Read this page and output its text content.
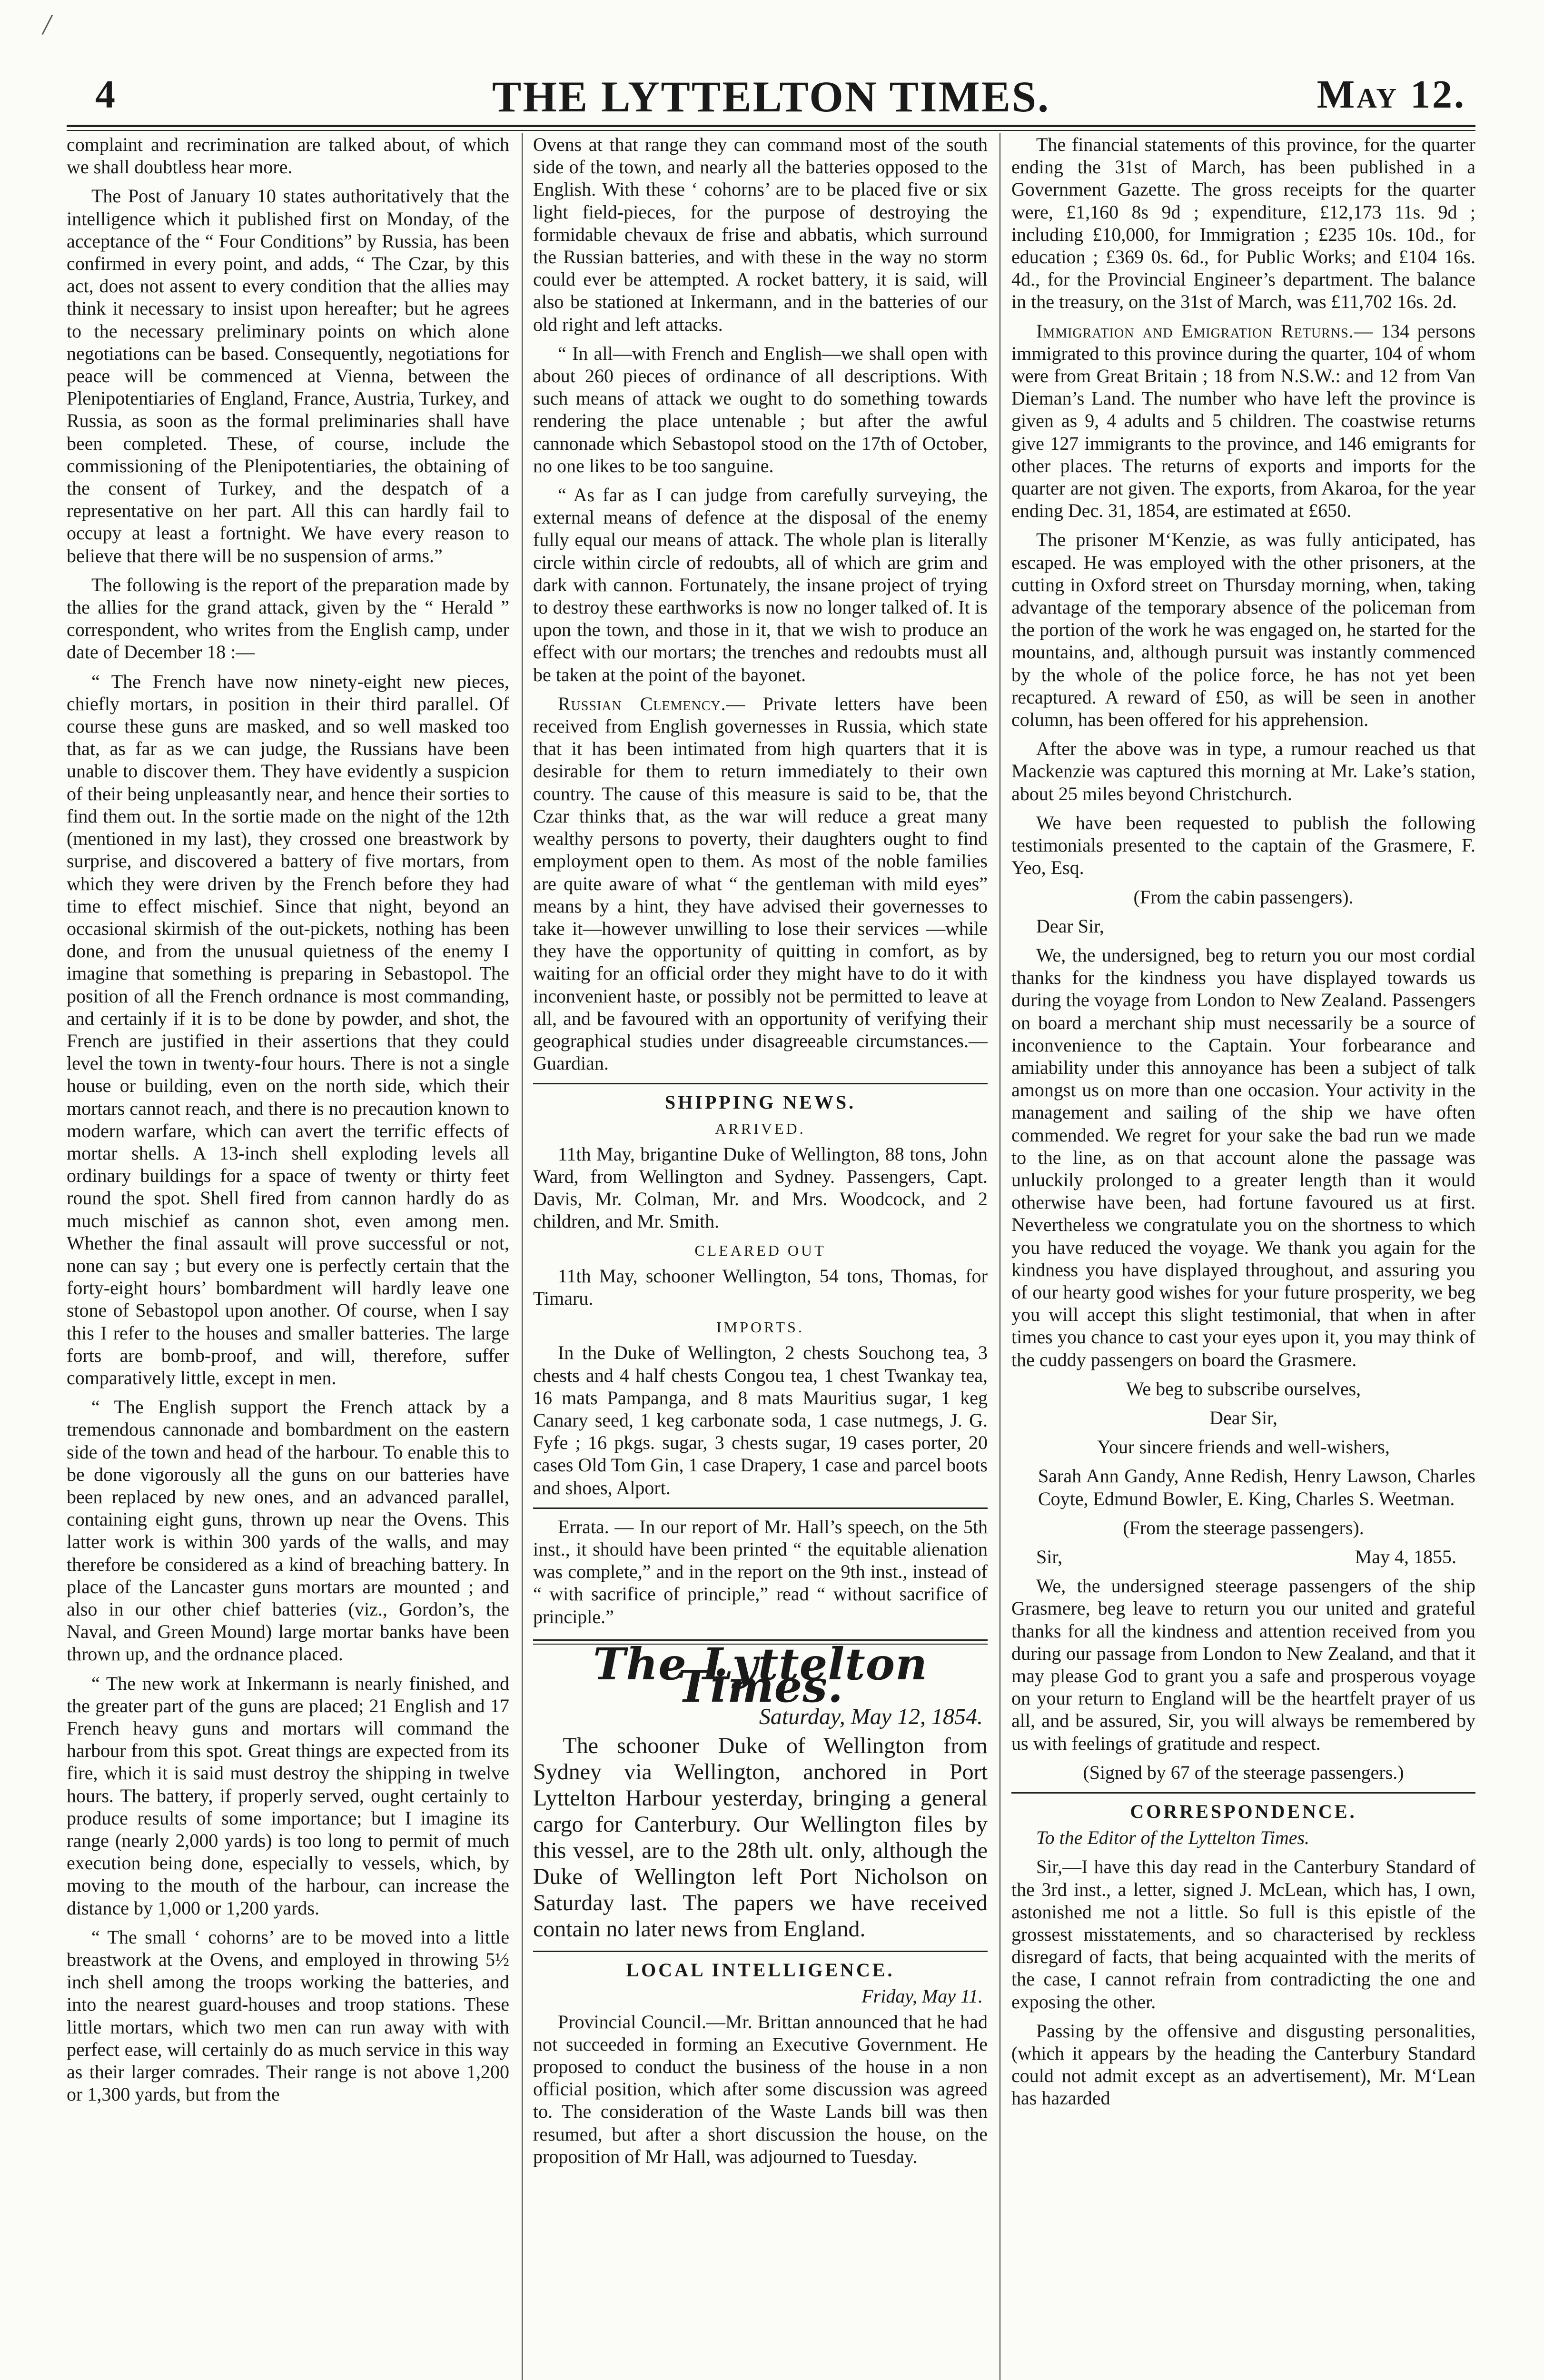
/
4	THE LYTTELTON TIMES.	May 12.

complaint and recrimination are talked about, of which we shall doubtless hear more.

The Post of January 10 states authoritatively that the intelligence which it published first on Monday, of the acceptance of the “ Four Conditions” by Russia, has been confirmed in every point, and adds, “ The Czar, by this act, does not assent to every condition that the allies may think it necessary to insist upon hereafter; but he agrees to the necessary preliminary points on which alone negotiations can be based. Consequently, negotiations for peace will be commenced at Vienna, between the Plenipotentiaries of England, France, Austria, Turkey, and Russia, as soon as the formal preliminaries shall have been completed. These, of course, include the commissioning of the Plenipotentiaries, the obtaining of the consent of Turkey, and the despatch of a representative on her part. All this can hardly fail to occupy at least a fortnight. We have every reason to believe that there will be no suspension of arms.”

The following is the report of the preparation made by the allies for the grand attack, given by the “ Herald ” correspondent, who writes from the English camp, under date of December 18 :—

“ The French have now ninety-eight new pieces, chiefly mortars, in position in their third parallel. Of course these guns are masked, and so well masked too that, as far as we can judge, the Russians have been unable to discover them. They have evidently a suspicion of their being unpleasantly near, and hence their sorties to find them out. In the sortie made on the night of the 12th (mentioned in my last), they crossed one breastwork by surprise, and discovered a battery of five mortars, from which they were driven by the French before they had time to effect mischief. Since that night, beyond an occasional skirmish of the out-pickets, nothing has been done, and from the unusual quietness of the enemy I imagine that something is preparing in Sebastopol. The position of all the French ordnance is most commanding, and certainly if it is to be done by powder, and shot, the French are justified in their assertions that they could level the town in twenty-four hours. There is not a single house or building, even on the north side, which their mortars cannot reach, and there is no precaution known to modern warfare, which can avert the terrific effects of mortar shells. A 13-inch shell exploding levels all ordinary buildings for a space of twenty or thirty feet round the spot. Shell fired from cannon hardly do as much mischief as cannon shot, even among men. Whether the final assault will prove successful or not, none can say ; but every one is perfectly certain that the forty-eight hours’ bombardment will hardly leave one stone of Sebastopol upon another. Of course, when I say this I refer to the houses and smaller batteries. The large forts are bomb-proof, and will, therefore, suffer comparatively little, except in men.

“ The English support the French attack by a tremendous cannonade and bombardment on the eastern side of the town and head of the harbour. To enable this to be done vigorously all the guns on our batteries have been replaced by new ones, and an advanced parallel, containing eight guns, thrown up near the Ovens. This latter work is within 300 yards of the walls, and may therefore be considered as a kind of breaching battery. In place of the Lancaster guns mortars are mounted ; and also in our other chief batteries (viz., Gordon’s, the Naval, and Green Mound) large mortar banks have been thrown up, and the ordnance placed.

“ The new work at Inkermann is nearly finished, and the greater part of the guns are placed; 21 English and 17 French heavy guns and mortars will command the harbour from this spot. Great things are expected from its fire, which it is said must destroy the shipping in twelve hours. The battery, if properly served, ought certainly to produce results of some importance; but I imagine its range (nearly 2,000 yards) is too long to permit of much execution being done, especially to vessels, which, by moving to the mouth of the harbour, can increase the distance by 1,000 or 1,200 yards.

“ The small ‘ cohorns’ are to be moved into a little breastwork at the Ovens, and employed in throwing 5½ inch shell among the troops working the batteries, and into the nearest guard-houses and troop stations. These little mortars, which two men can run away with with perfect ease, will certainly do as much service in this way as their larger comrades. Their range is not above 1,200 or 1,300 yards, but from the

Ovens at that range they can command most of the south side of the town, and nearly all the batteries opposed to the English. With these ‘ cohorns’ are to be placed five or six light field-pieces, for the purpose of destroying the formidable chevaux de frise and abbatis, which surround the Russian batteries, and with these in the way no storm could ever be attempted. A rocket battery, it is said, will also be stationed at Inkermann, and in the batteries of our old right and left attacks.

“ In all—with French and English—we shall open with about 260 pieces of ordinance of all descriptions. With such means of attack we ought to do something towards rendering the place untenable ; but after the awful cannonade which Sebastopol stood on the 17th of October, no one likes to be too sanguine.

“ As far as I can judge from carefully surveying, the external means of defence at the disposal of the enemy fully equal our means of attack. The whole plan is literally circle within circle of redoubts, all of which are grim and dark with cannon. Fortunately, the insane project of trying to destroy these earthworks is now no longer talked of. It is upon the town, and those in it, that we wish to produce an effect with our mortars; the trenches and redoubts must all be taken at the point of the bayonet.

Russian Clemency.— Private letters have been received from English governesses in Russia, which state that it has been intimated from high quarters that it is desirable for them to return immediately to their own country. The cause of this measure is said to be, that the Czar thinks that, as the war will reduce a great many wealthy persons to poverty, their daughters ought to find employment open to them. As most of the noble families are quite aware of what “ the gentleman with mild eyes” means by a hint, they have advised their governesses to take it—however unwilling to lose their services —while they have the opportunity of quitting in comfort, as by waiting for an official order they might have to do it with inconvenient haste, or possibly not be permitted to leave at all, and be favoured with an opportunity of verifying their geographical studies under disagreeable circumstances.—Guardian.

SHIPPING NEWS.
ARRIVED.

11th May, brigantine Duke of Wellington, 88 tons, John Ward, from Wellington and Sydney. Passengers, Capt. Davis, Mr. Colman, Mr. and Mrs. Woodcock, and 2 children, and Mr. Smith.

CLEARED OUT

11th May, schooner Wellington, 54 tons, Thomas, for Timaru.

IMPORTS.

In the Duke of Wellington, 2 chests Souchong tea, 3 chests and 4 half chests Congou tea, 1 chest Twankay tea, 16 mats Pampanga, and 8 mats Mauritius sugar, 1 keg Canary seed, 1 keg carbonate soda, 1 case nutmegs, J. G. Fyfe ; 16 pkgs. sugar, 3 chests sugar, 19 cases porter, 20 cases Old Tom Gin, 1 case Drapery, 1 case and parcel boots and shoes, Alport.

Errata. — In our report of Mr. Hall’s speech, on the 5th inst., it should have been printed “ the equitable alienation was complete,” and in the report on the 9th inst., instead of “ with sacrifice of principle,” read “ without sacrifice of principle.”

The Lyttelton Times.
Saturday, May 12, 1854.

The schooner Duke of Wellington from Sydney via Wellington, anchored in Port Lyttelton Harbour yesterday, bringing a general cargo for Canterbury. Our Wellington files by this vessel, are to the 28th ult. only, although the Duke of Wellington left Port Nicholson on Saturday last. The papers we have received contain no later news from England.

LOCAL INTELLIGENCE.
Friday, May 11.

Provincial Council.—Mr. Brittan announced that he had not succeeded in forming an Executive Government. He proposed to conduct the business of the house in a non official position, which after some discussion was agreed to. The consideration of the Waste Lands bill was then resumed, but after a short discussion the house, on the proposition of Mr Hall, was adjourned to Tuesday.

The financial statements of this province, for the quarter ending the 31st of March, has been published in a Government Gazette. The gross receipts for the quarter were, £1,160 8s 9d ; expenditure, £12,173 11s. 9d ; including £10,000, for Immigration ; £235 10s. 10d., for education ; £369 0s. 6d., for Public Works; and £104 16s. 4d., for the Provincial Engineer’s department. The balance in the treasury, on the 31st of March, was £11,702 16s. 2d.

Immigration and Emigration Returns.— 134 persons immigrated to this province during the quarter, 104 of whom were from Great Britain ; 18 from N.S.W.: and 12 from Van Dieman’s Land. The number who have left the province is given as 9, 4 adults and 5 children. The coastwise returns give 127 immigrants to the province, and 146 emigrants for other places. The returns of exports and imports for the quarter are not given. The exports, from Akaroa, for the year ending Dec. 31, 1854, are estimated at £650.

The prisoner M‘Kenzie, as was fully anticipated, has escaped. He was employed with the other prisoners, at the cutting in Oxford street on Thursday morning, when, taking advantage of the temporary absence of the policeman from the portion of the work he was engaged on, he started for the mountains, and, although pursuit was instantly commenced by the whole of the police force, he has not yet been recaptured. A reward of £50, as will be seen in another column, has been offered for his apprehension.

After the above was in type, a rumour reached us that Mackenzie was captured this morning at Mr. Lake’s station, about 25 miles beyond Christchurch.

We have been requested to publish the following testimonials presented to the captain of the Grasmere, F. Yeo, Esq.

(From the cabin passengers).

Dear Sir,

We, the undersigned, beg to return you our most cordial thanks for the kindness you have displayed towards us during the voyage from London to New Zealand. Passengers on board a merchant ship must necessarily be a source of inconvenience to the Captain. Your forbearance and amiability under this annoyance has been a subject of talk amongst us on more than one occasion. Your activity in the management and sailing of the ship we have often commended. We regret for your sake the bad run we made to the line, as on that account alone the passage was unluckily prolonged to a greater length than it would otherwise have been, had fortune favoured us at first. Nevertheless we congratulate you on the shortness to which you have reduced the voyage. We thank you again for the kindness you have displayed throughout, and assuring you of our hearty good wishes for your future prosperity, we beg you will accept this slight testimonial, that when in after times you chance to cast your eyes upon it, you may think of the cuddy passengers on board the Grasmere.

We beg to subscribe ourselves,

Dear Sir,

Your sincere friends and well-wishers,

Sarah Ann Gandy, Anne Redish, Henry Lawson, Charles Coyte, Edmund Bowler, E. King, Charles S. Weetman.

(From the steerage passengers).

Sir,	May 4, 1855.

We, the undersigned steerage passengers of the ship Grasmere, beg leave to return you our united and grateful thanks for all the kindness and attention received from you during our passage from London to New Zealand, and that it may please God to grant you a safe and prosperous voyage on your return to England will be the heartfelt prayer of us all, and be assured, Sir, you will always be remembered by us with feelings of gratitude and respect.

(Signed by 67 of the steerage passengers.)

CORRESPONDENCE.

To the Editor of the Lyttelton Times.

Sir,—I have this day read in the Canterbury Standard of the 3rd inst., a letter, signed J. McLean, which has, I own, astonished me not a little. So full is this epistle of the grossest misstatements, and so characterised by reckless disregard of facts, that being acquainted with the merits of the case, I cannot refrain from contradicting the one and exposing the other.

Passing by the offensive and disgusting personalities, (which it appears by the heading the Canterbury Standard could not admit except as an advertisement), Mr. M‘Lean has hazarded
